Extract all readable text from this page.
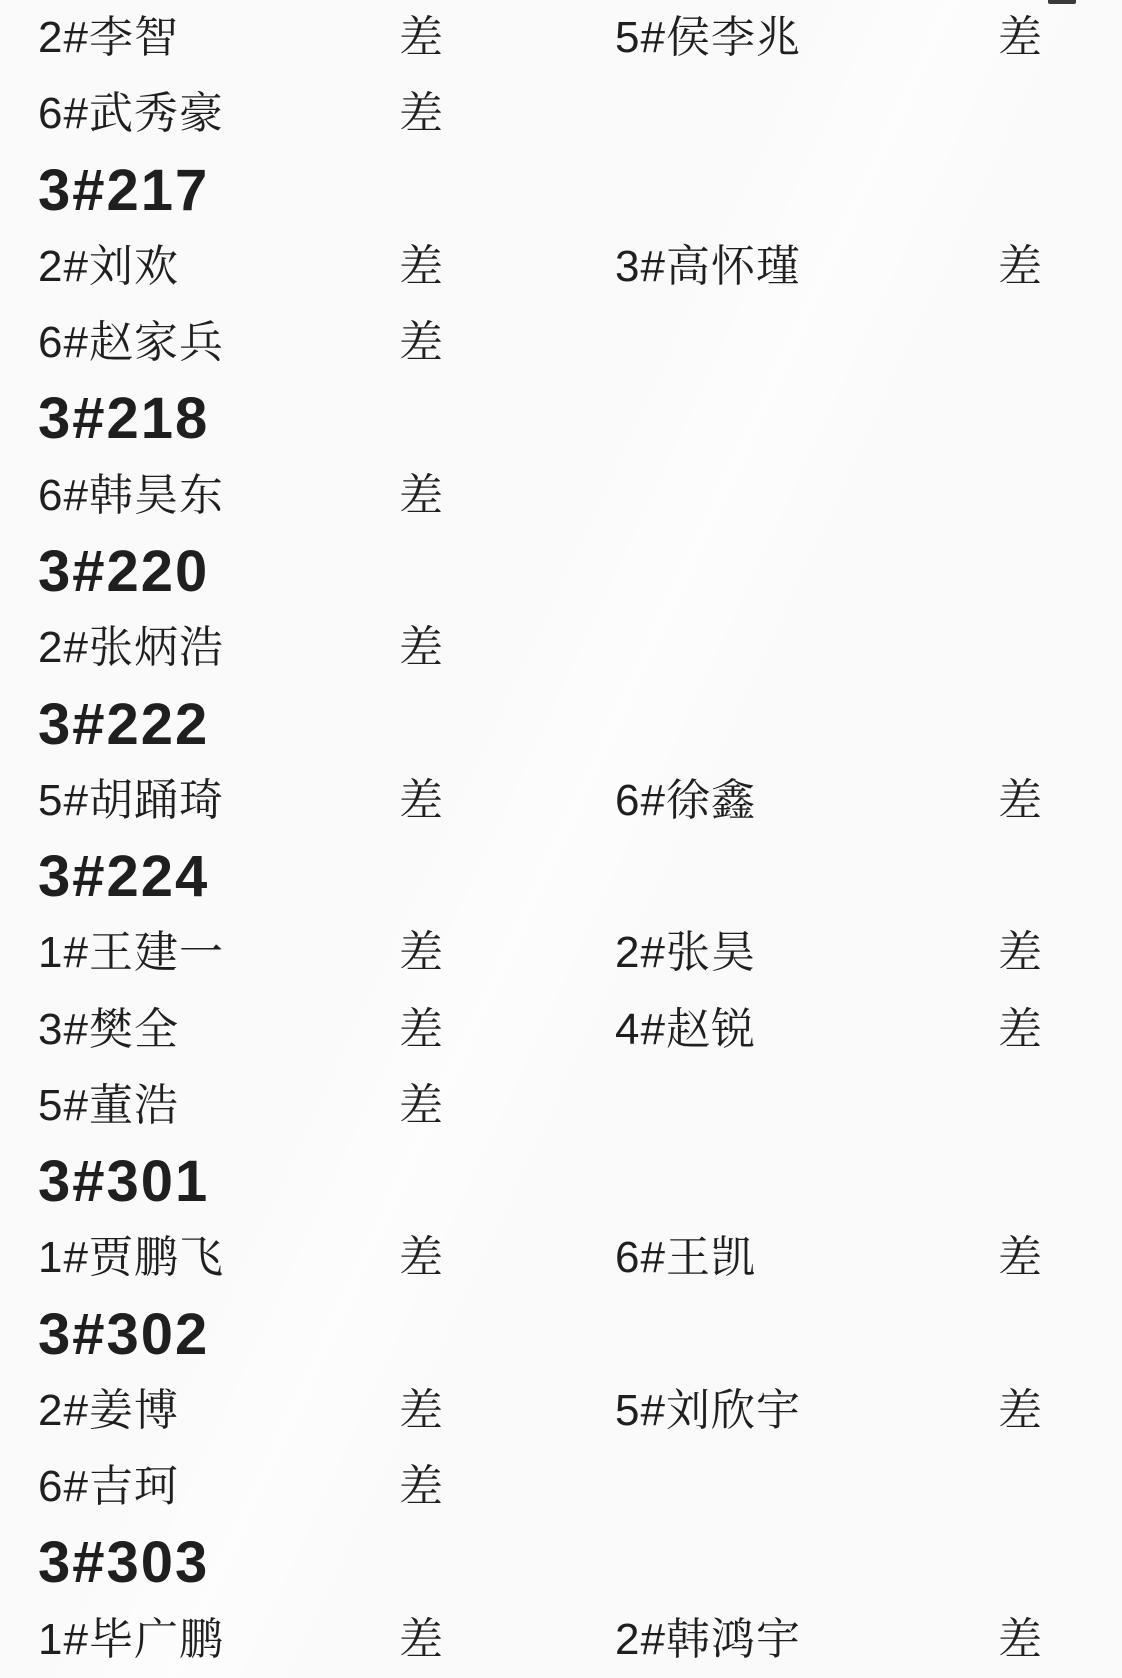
2#李智	差	5#侯李兆	差
6#武秀豪	差
3#217
2#刘欢	差	3#高怀瑾	差
6#赵家兵	差
3#218
6#韩昊东	差
3#220
2#张炳浩	差
3#222
5#胡踊琦	差	6#徐鑫	差
3#224
1#王建一	差	2#张昊	差
3#樊全	差	4#赵锐	差
5#董浩	差
3#301
1#贾鹏飞	差	6#王凯	差
3#302
2#姜博	差	5#刘欣宇	差
6#吉珂	差
3#303
1#毕广鹏	差	2#韩鸿宇	差
